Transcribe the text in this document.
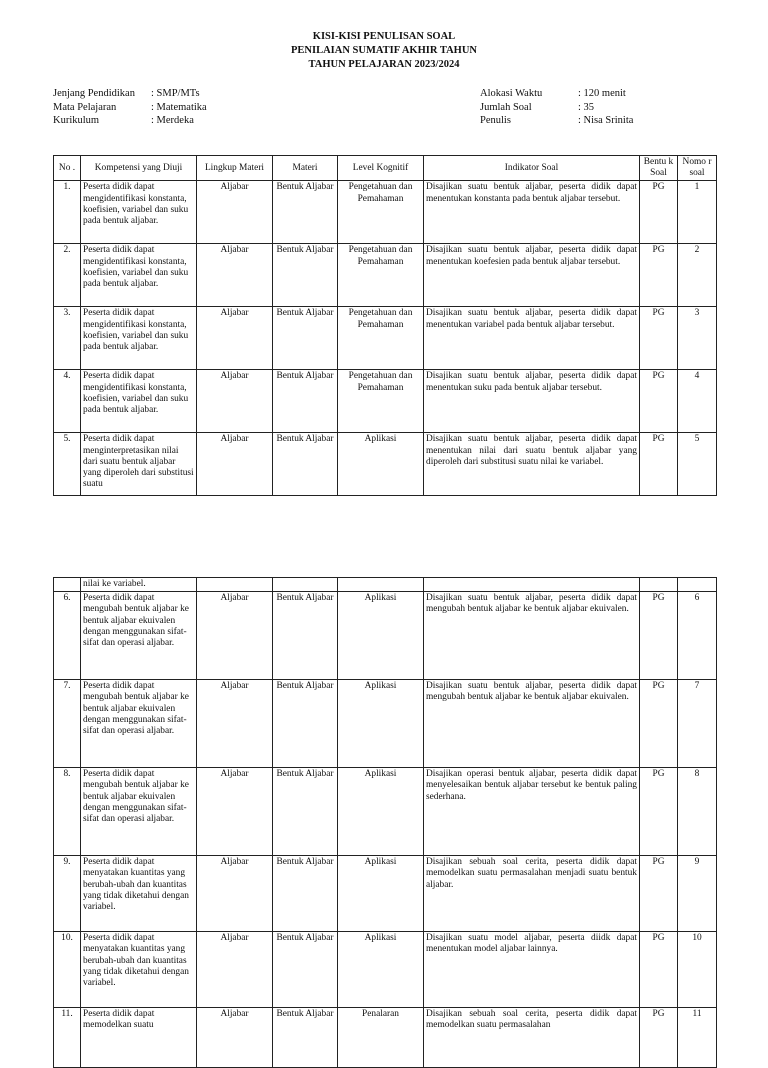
KISI-KISI PENULISAN SOAL
PENILAIAN SUMATIF AKHIR TAHUN
TAHUN PELAJARAN 2023/2024
Jenjang Pendidikan	: SMP/MTs
Mata Pelajaran	: Matematika
Kurikulum	: Merdeka
Alokasi Waktu	: 120 menit
Jumlah Soal	: 35
Penulis	: Nisa Srinita
No .	Kompetensi yang Diuji	Lingkup Materi	Materi	Level Kognitif	Indikator Soal	Bentu k Soal	Nomo r soal
1.	Peserta didik dapat mengidentifikasi konstanta, koefisien, variabel dan suku pada bentuk aljabar.	Aljabar	Bentuk Aljabar	Pengetahuan dan Pemahaman	Disajikan suatu bentuk aljabar, peserta didik dapat menentukan konstanta pada bentuk aljabar tersebut.	PG	1
2.	Peserta didik dapat mengidentifikasi konstanta, koefisien, variabel dan suku pada bentuk aljabar.	Aljabar	Bentuk Aljabar	Pengetahuan dan Pemahaman	Disajikan suatu bentuk aljabar, peserta didik dapat menentukan koefesien pada bentuk aljabar tersebut.	PG	2
3.	Peserta didik dapat mengidentifikasi konstanta, koefisien, variabel dan suku pada bentuk aljabar.	Aljabar	Bentuk Aljabar	Pengetahuan dan Pemahaman	Disajikan suatu bentuk aljabar, peserta didik dapat menentukan variabel pada bentuk aljabar tersebut.	PG	3
4.	Peserta didik dapat mengidentifikasi konstanta, koefisien, variabel dan suku pada bentuk aljabar.	Aljabar	Bentuk Aljabar	Pengetahuan dan Pemahaman	Disajikan suatu bentuk aljabar, peserta didik dapat menentukan suku pada bentuk aljabar tersebut.	PG	4
5.	Peserta didik dapat menginterpretasikan nilai dari suatu bentuk aljabar yang diperoleh dari substitusi suatu	Aljabar	Bentuk Aljabar	Aplikasi	Disajikan suatu bentuk aljabar, peserta didik dapat menentukan nilai dari suatu bentuk aljabar yang diperoleh dari substitusi suatu nilai ke variabel.	PG	5
	nilai ke variabel.						
6.	Peserta didik dapat mengubah bentuk aljabar ke bentuk aljabar ekuivalen dengan menggunakan sifat-sifat dan operasi aljabar.	Aljabar	Bentuk Aljabar	Aplikasi	Disajikan suatu bentuk aljabar, peserta didik dapat mengubah bentuk aljabar ke bentuk aljabar ekuivalen.	PG	6
7.	Peserta didik dapat mengubah bentuk aljabar ke bentuk aljabar ekuivalen dengan menggunakan sifat-sifat dan operasi aljabar.	Aljabar	Bentuk Aljabar	Aplikasi	Disajikan suatu bentuk aljabar, peserta didik dapat mengubah bentuk aljabar ke bentuk aljabar ekuivalen.	PG	7
8.	Peserta didik dapat mengubah bentuk aljabar ke bentuk aljabar ekuivalen dengan menggunakan sifat-sifat dan operasi aljabar.	Aljabar	Bentuk Aljabar	Aplikasi	Disajikan operasi bentuk aljabar, peserta didik dapat menyelesaikan bentuk aljabar tersebut ke bentuk paling sederhana.	PG	8
9.	Peserta didik dapat menyatakan kuantitas yang berubah-ubah dan kuantitas yang tidak diketahui dengan variabel.	Aljabar	Bentuk Aljabar	Aplikasi	Disajikan sebuah soal cerita, peserta didik dapat memodelkan suatu permasalahan menjadi suatu bentuk aljabar.	PG	9
10.	Peserta didik dapat menyatakan kuantitas yang berubah-ubah dan kuantitas yang tidak diketahui dengan variabel.	Aljabar	Bentuk Aljabar	Aplikasi	Disajikan suatu model aljabar, peserta diidk dapat menentukan model aljabar lainnya.	PG	10
11.	Peserta didik dapat memodelkan suatu	Aljabar	Bentuk Aljabar	Penalaran	Disajikan sebuah soal cerita, peserta didik dapat memodelkan suatu permasalahan	PG	11
